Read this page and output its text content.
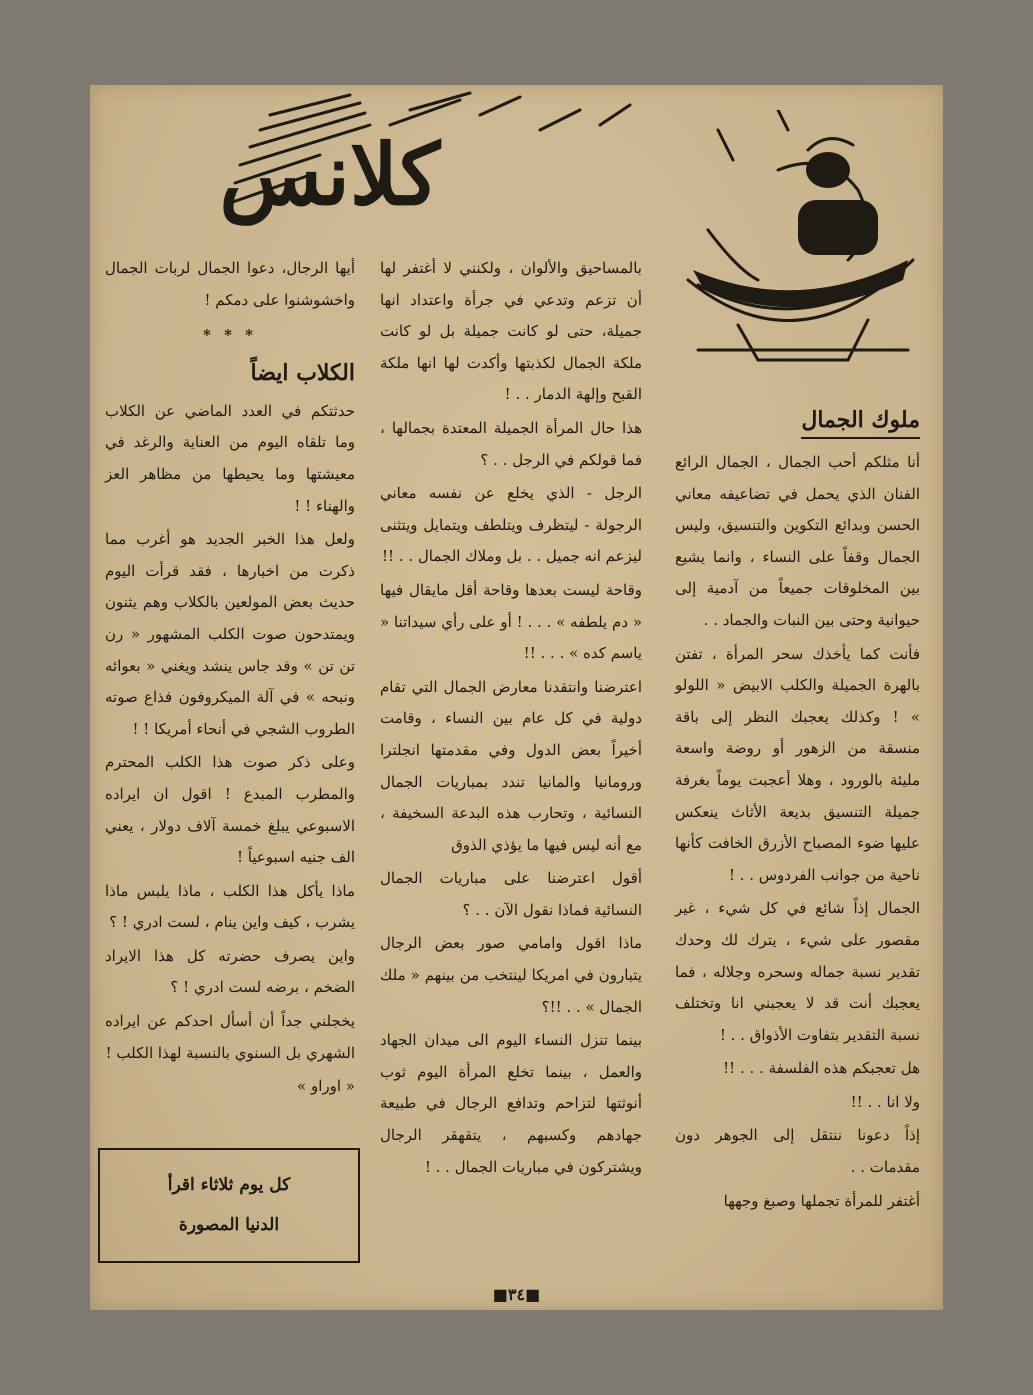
كلانس
ملوك الجمال

أنا مثلكم أحب الجمال ، الجمال الرائع الفنان الذي يحمل في تضاعيفه معاني الحسن وبدائع التكوين والتنسيق، وليس الجمال وقفاً على النساء ، وانما يشيع بين المخلوقات جميعاً من آدمية إلى حيوانية وحتى بين النبات والجماد . .

فأنت كما يأخذك سحر المرأة ، تفتن بالهرة الجميلة والكلب الابيض « اللولو » ! وكذلك يعجبك النظر إلى باقة منسقة من الزهور أو روضة واسعة مليئة بالورود ، وهلا أعجبت يوماً بغرفة جميلة التنسيق بديعة الأثاث ينعكس عليها ضوء المصباح الأزرق الخافت كأنها ناحية من جوانب الفردوس . . !

الجمال إذاً شائع في كل شيء ، غير مقصور على شيء ، يترك لك وحدك تقدير نسبة جماله وسحره وجلاله ، فما يعجبك أنت قد لا يعجبني انا وتختلف نسبة التقدير بتفاوت الأذواق . . !

هل تعجبكم هذه الفلسفة . . . !!

ولا انا . . !!

إذاً دعونا ننتقل إلى الجوهر دون مقدمات . .

أغتفر للمرأة تجملها وصبغ وجهها

بالمساحيق والألوان ، ولكنني لا أغتفر لها أن تزعم وتدعي في جرأة واعتداد انها جميلة، حتى لو كانت جميلة بل لو كانت ملكة الجمال لكذبتها وأكدت لها انها ملكة القبح وإلهة الدمار . . !

هذا حال المرأة الجميلة المعتدة بجمالها ، فما قولكم في الرجل . . ؟

الرجل - الذي يخلع عن نفسه معاني الرجولة - ليتظرف ويتلطف ويتمايل ويتثنى ليزعم انه جميل . . بل وملاك الجمال . . !!

وقاحة ليست بعدها وقاحة أقل مايقال فيها « دم يلطفه » . . . ! أو على رأي سيداتنا « ياسم كده » . . . !!

اعترضنا وانتقدنا معارض الجمال التي تقام دولية في كل عام بين النساء ، وقامت أخيراً بعض الدول وفي مقدمتها انجلترا ورومانيا والمانيا تندد بمباريات الجمال النسائية ، وتحارب هذه البدعة السخيفة ، مع أنه ليس فيها ما يؤذي الذوق

أقول اعترضنا على مباريات الجمال النسائية فماذا نقول الآن . . ؟

ماذا اقول وامامي صور بعض الرجال يتبارون في امريكا لينتخب من بينهم « ملك الجمال » . . !!؟

بينما تنزل النساء اليوم الى ميدان الجهاد والعمل ، بينما تخلع المرأة اليوم ثوب أنوثتها لتزاحم وتدافع الرجال في طبيعة جهادهم وكسبهم ، يتقهقر الرجال ويشتركون في مباريات الجمال . . !

أيها الرجال، دعوا الجمال لربات الجمال واخشوشنوا على دمكم !

* * *
الكلاب ايضاً

حدثتكم في العدد الماضي عن الكلاب وما تلقاه اليوم من العناية والرغد في معيشتها وما يحيطها من مظاهر العز والهناء ! !

ولعل هذا الخبر الجديد هو أغرب مما ذكرت من اخبارها ، فقد قرأت اليوم حديث بعض المولعين بالكلاب وهم يثنون ويمتدحون صوت الكلب المشهور « رن تن تن » وقد جاس ينشد ويغني « بعوائه ونبحه » في آلة الميكروفون فذاع صوته الطروب الشجي في أنحاء أمريكا ! !

وعلى ذكر صوت هذا الكلب المحترم والمطرب المبدع ! اقول ان ايراده الاسبوعي يبلغ خمسة آلاف دولار ، يعني الف جنيه اسبوعياً !

ماذا يأكل هذا الكلب ، ماذا يلبس ماذا يشرب ، كيف واين ينام ، لست ادري ! ؟

واين يصرف حضرته كل هذا الايراد الضخم ، برضه لست ادري ! ؟

يخجلني جداً أن أسأل احدكم عن ايراده الشهري بل السنوي بالنسبة لهذا الكلب !

« اوراو »
كل يوم ثلاثاء اقرأ
الدنيا المصورة
■٣٤■
